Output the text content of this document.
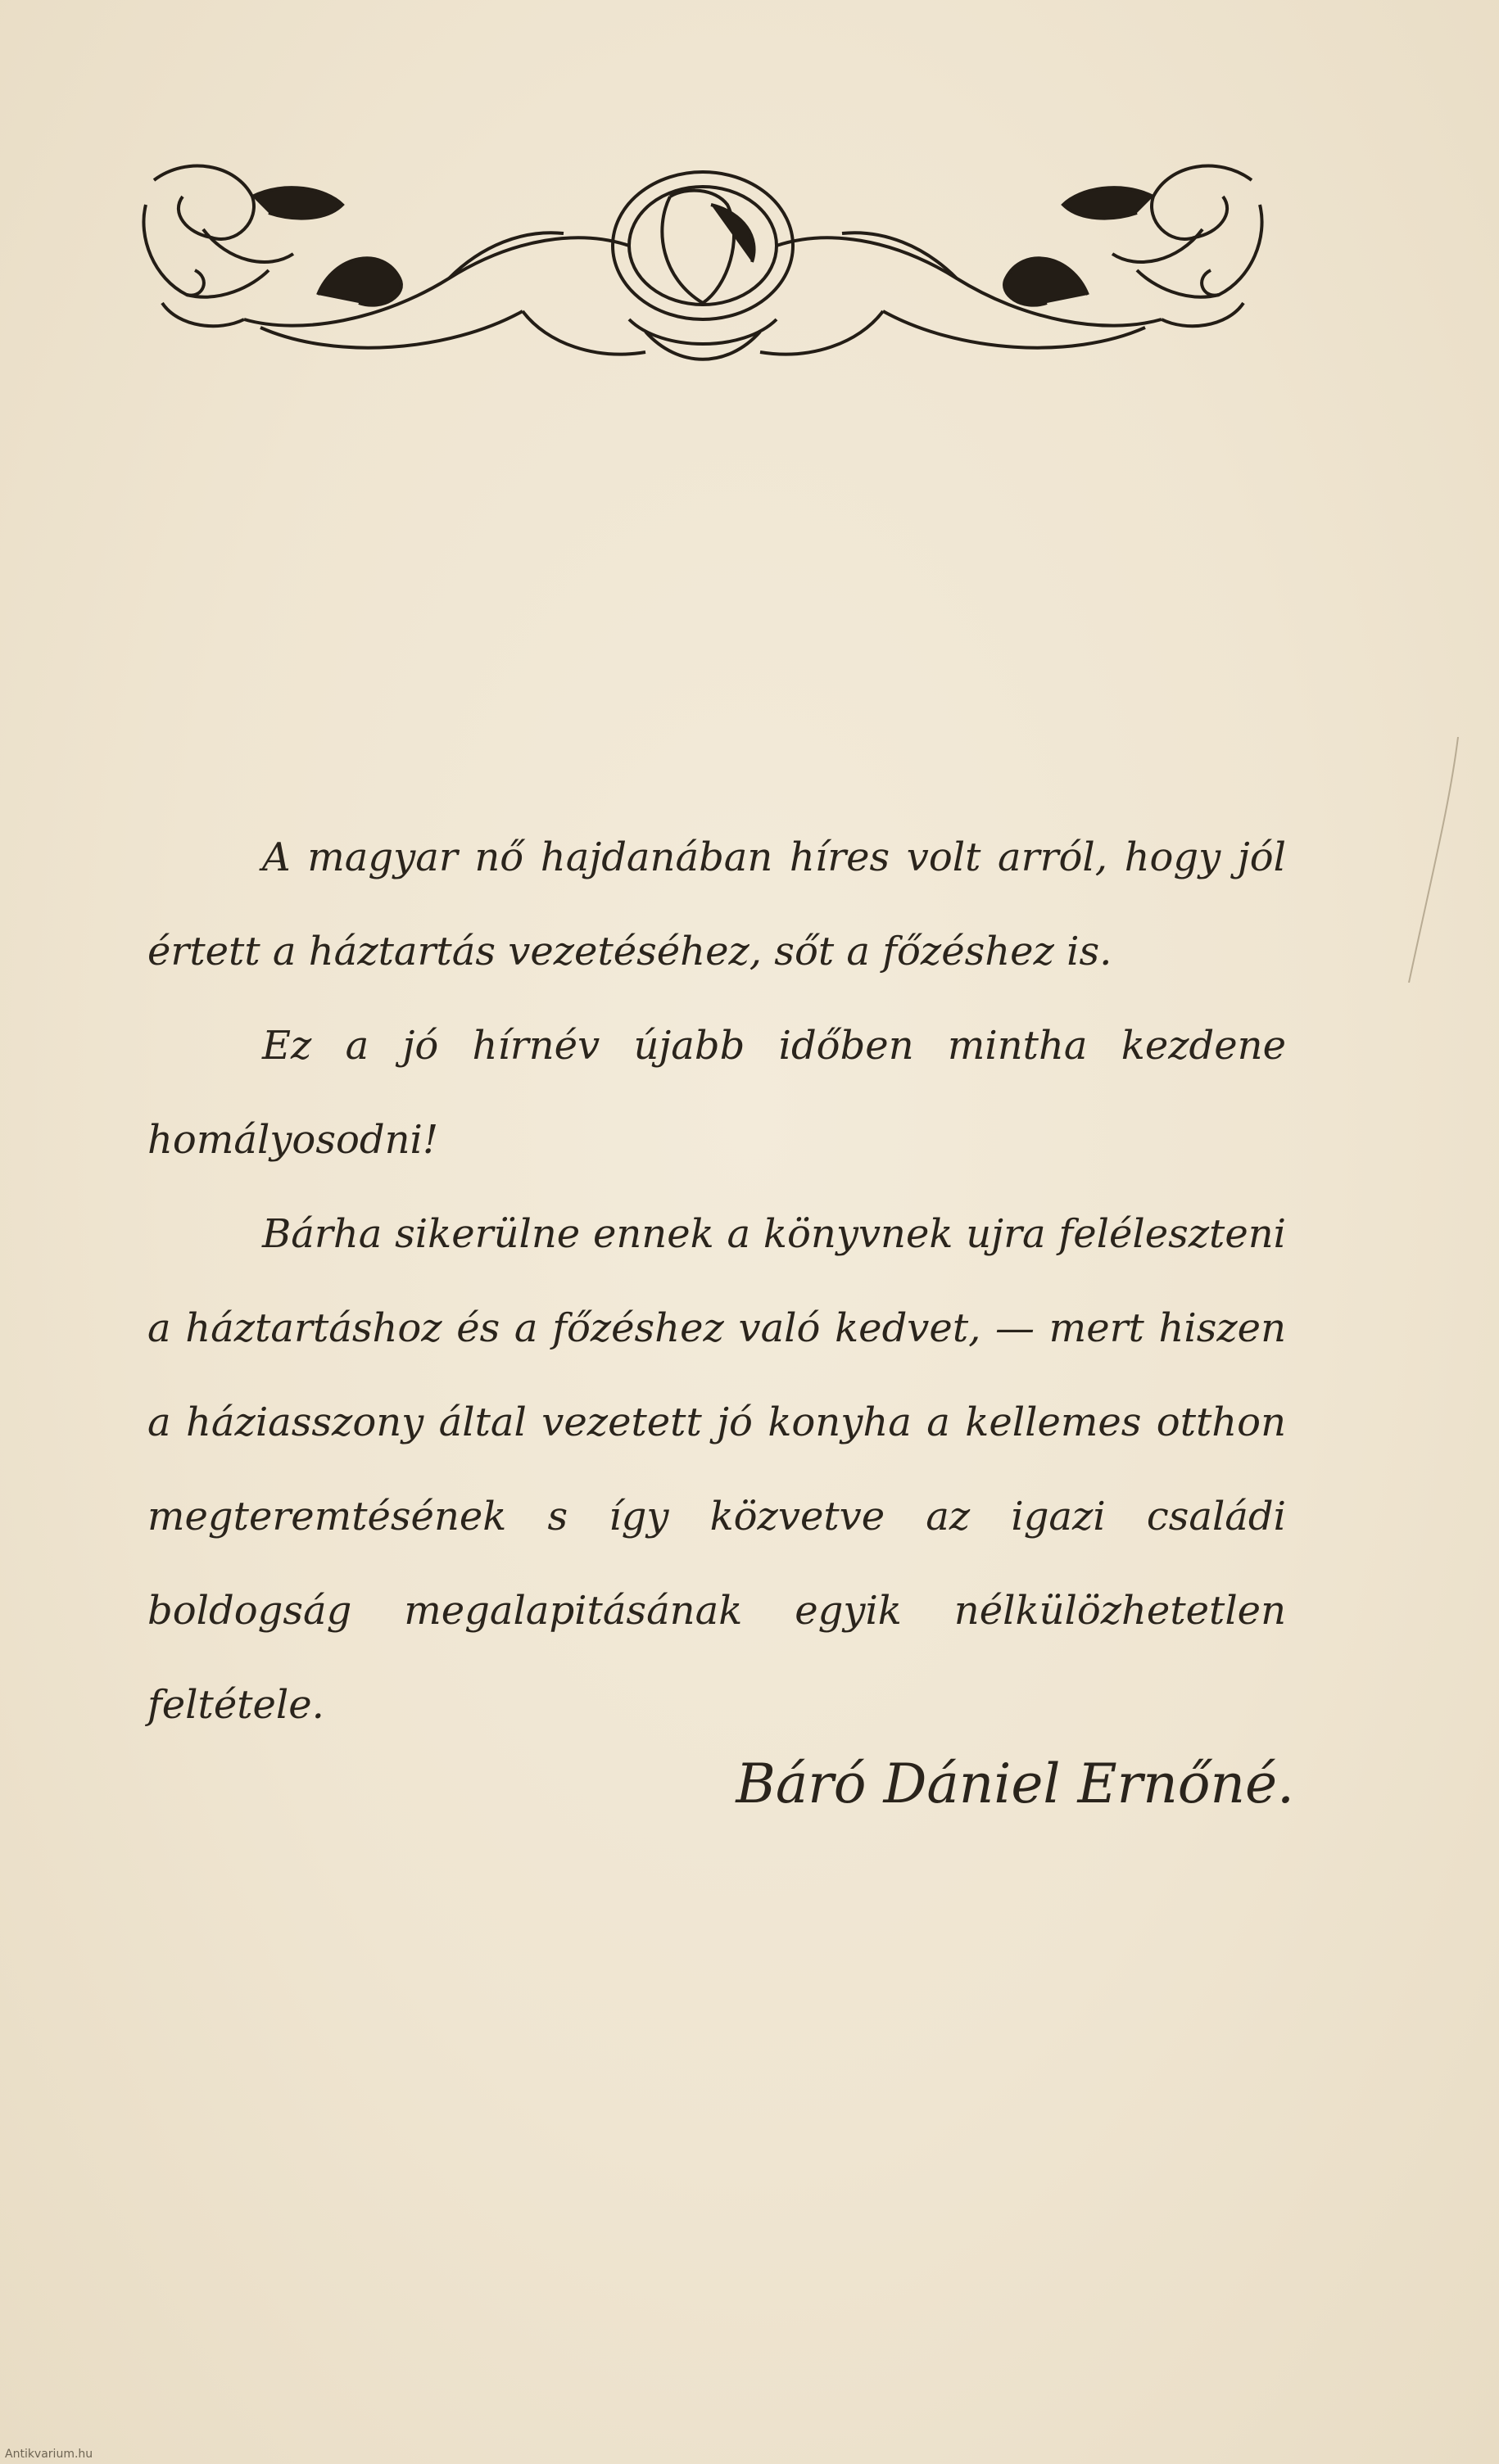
A magyar nő hajdanában híres volt arról, hogy jól értett a háztartás vezetéséhez, sőt a főzéshez is.

Ez a jó hírnév újabb időben mintha kezdene homályosodni!

Bárha sikerülne ennek a könyvnek ujra feléleszteni a háztartáshoz és a főzéshez való kedvet, — mert hiszen a háziasszony által vezetett jó konyha a kellemes otthon megteremtésének s így közvetve az igazi családi boldogság megalapitásának egyik nélkülözhetetlen feltétele.

Báró Dániel Ernőné.
Antikvarium.hu
